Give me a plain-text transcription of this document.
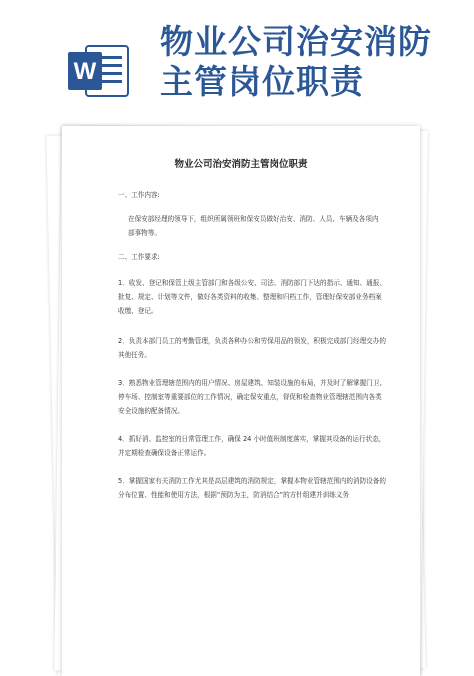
W
物业公司治安消防
主管岗位职责
物业公司治安消防主管岗位职责
一、工作内容:
在保安部经理的领导下，组织所属领班和保安员做好治安、消防、人员、车辆及各项内部事物等。
二、工作要求:
1．收发、登记和保管上级主管部门和各级公安、司法、消防部门下达的指示、通知、通报、批复、规定、计划等文件，做好各类资料的收集、整理和归档工作，管理好保安部业务档案收缴、登记。
2．负责本部门员工的考勤管理，负责各种办公和劳保用品的领发，积极完成部门经理交办的其他任务。
3．熟悉物业管理辖范围内的用户情况、房屋建筑、知装设施的布局，并及时了解掌握门卫、停车场、控制室等重要部位的工作情况，确定保安重点，督促和检查物业管理辖范围内各类安全设施的配备情况。
4．抓好消、监控室的日常管理工作，确保 24 小时值班制度落实，掌握其设备的运行状态，并定期检查确保设备正常运作。
5．掌握国家有关消防工作尤其是高层建筑的消防规定，掌握本物业管辖范围内的消防设备的分布位置、性能和使用方法，根据“预防为主，防消结合”的方针组建并训练义务
